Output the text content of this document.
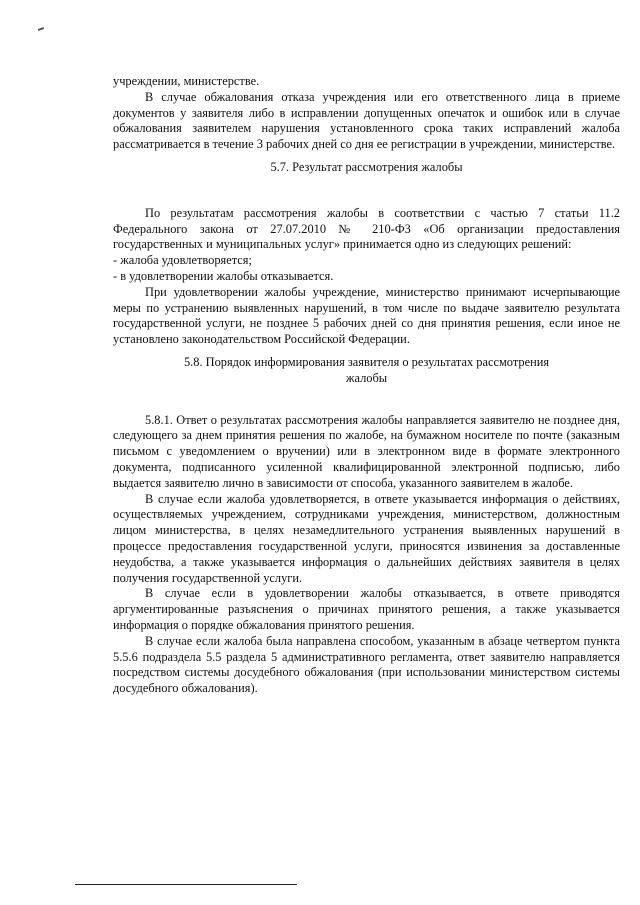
учреждении, министерстве.

В случае обжалования отказа учреждения или его ответственного лица в приеме документов у заявителя либо в исправлении допущенных опечаток и ошибок или в случае обжалования заявителем нарушения установленного срока таких исправлений жалоба рассматривается в течение 3 рабочих дней со дня ее регистрации в учреждении, министерстве.

5.7. Результат рассмотрения жалобы

По результатам рассмотрения жалобы в соответствии с частью 7 статьи 11.2 Федерального закона от 27.07.2010 № 210-ФЗ «Об организации предоставления государственных и муниципальных услуг» принимается одно из следующих решений:

- жалоба удовлетворяется;

- в удовлетворении жалобы отказывается.

При удовлетворении жалобы учреждение, министерство принимают исчерпывающие меры по устранению выявленных нарушений, в том числе по выдаче заявителю результата государственной услуги, не позднее 5 рабочих дней со дня принятия решения, если иное не установлено законодательством Российской Федерации.

5.8. Порядок информирования заявителя о результатах рассмотрения

жалобы

5.8.1. Ответ о результатах рассмотрения жалобы направляется заявителю не позднее дня, следующего за днем принятия решения по жалобе, на бумажном носителе по почте (заказным письмом с уведомлением о вручении) или в электронном виде в формате электронного документа, подписанного усиленной квалифицированной электронной подписью, либо выдается заявителю лично в зависимости от способа, указанного заявителем в жалобе.

В случае если жалоба удовлетворяется, в ответе указывается информация о действиях, осуществляемых учреждением, сотрудниками учреждения, министерством, должностным лицом министерства, в целях незамедлительного устранения выявленных нарушений в процессе предоставления государственной услуги, приносятся извинения за доставленные неудобства, а также указывается информация о дальнейших действиях заявителя в целях получения государственной услуги.

В случае если в удовлетворении жалобы отказывается, в ответе приводятся аргументированные разъяснения о причинах принятого решения, а также указывается информация о порядке обжалования принятого решения.

В случае если жалоба была направлена способом, указанным в абзаце четвертом пункта 5.5.6 подраздела 5.5 раздела 5 административного регламента, ответ заявителю направляется посредством системы досудебного обжалования (при использовании министерством системы досудебного обжалования).
